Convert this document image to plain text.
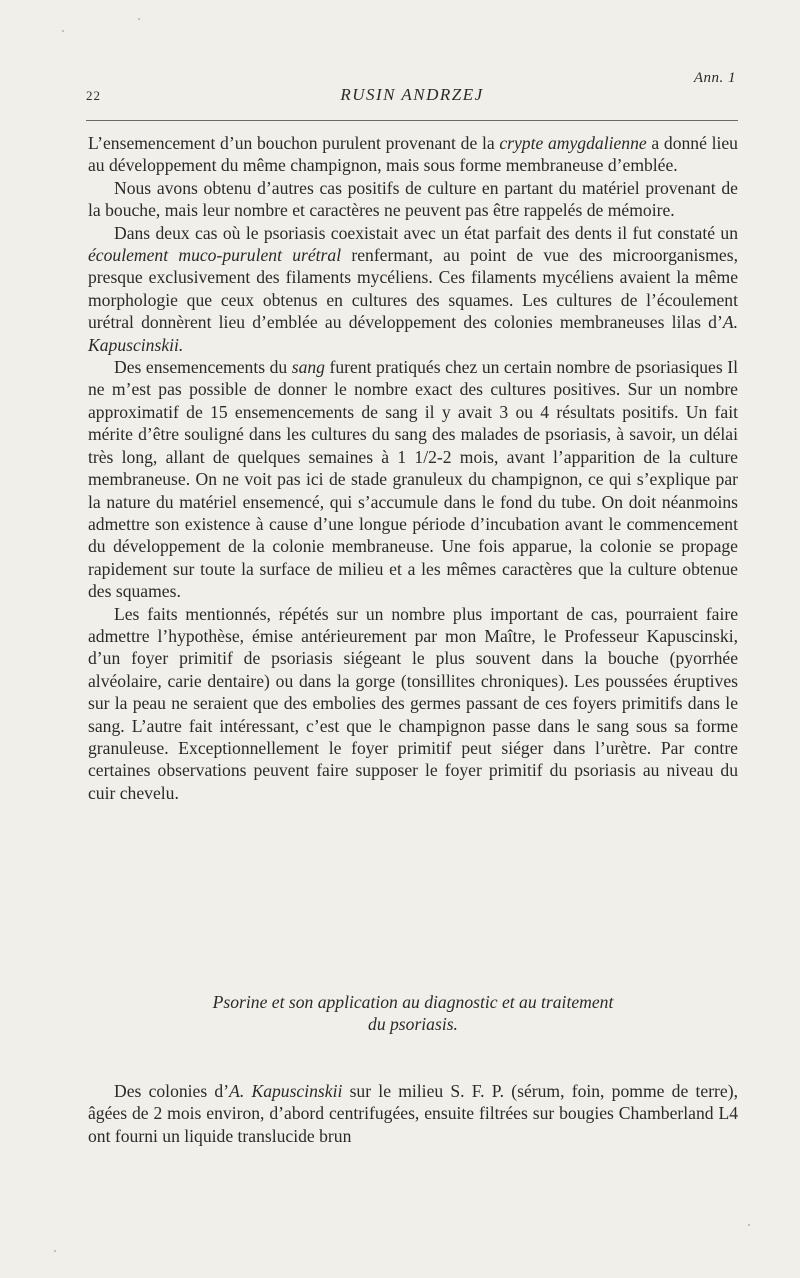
22	RUSIN ANDRZEJ
Ann. 1

L’ensemencement d’un bouchon purulent provenant de la crypte amygdalienne a donné lieu au développement du même champignon, mais sous forme membraneuse d’emblée.

Nous avons obtenu d’autres cas positifs de culture en partant du matériel provenant de la bouche, mais leur nombre et caractères ne peuvent pas être rappelés de mémoire.

Dans deux cas où le psoriasis coexistait avec un état parfait des dents il fut constaté un écoulement muco-purulent urétral renfermant, au point de vue des microorganismes, presque exclusivement des filaments mycéliens. Ces filaments mycéliens avaient la même morphologie que ceux obtenus en cultures des squames. Les cultures de l’écoulement urétral donnèrent lieu d’emblée au développement des colonies membraneuses lilas d’A. Kapuscinskii.

Des ensemencements du sang furent pratiqués chez un certain nombre de psoriasiques Il ne m’est pas possible de donner le nombre exact des cultures positives. Sur un nombre approximatif de 15 ensemencements de sang il y avait 3 ou 4 résultats positifs. Un fait mérite d’être souligné dans les cultures du sang des malades de psoriasis, à savoir, un délai très long, allant de quelques semaines à 1 1/2-2 mois, avant l’apparition de la culture membraneuse. On ne voit pas ici de stade granuleux du champignon, ce qui s’explique par la nature du matériel ensemencé, qui s’accumule dans le fond du tube. On doit néanmoins admettre son existence à cause d’une longue période d’incubation avant le commencement du développement de la colonie membraneuse. Une fois apparue, la colonie se propage rapidement sur toute la surface de milieu et a les mêmes caractères que la culture obtenue des squames.

Les faits mentionnés, répétés sur un nombre plus important de cas, pourraient faire admettre l’hypothèse, émise antérieurement par mon Maître, le Professeur Kapuscinski, d’un foyer primitif de psoriasis siégeant le plus souvent dans la bouche (pyorrhée alvéolaire, carie dentaire) ou dans la gorge (tonsillites chroniques). Les poussées éruptives sur la peau ne seraient que des embolies des germes passant de ces foyers primitifs dans le sang. L’autre fait intéressant, c’est que le champignon passe dans le sang sous sa forme granuleuse. Exceptionnellement le foyer primitif peut siéger dans l’urètre. Par contre certaines observations peuvent faire supposer le foyer primitif du psoriasis au niveau du cuir chevelu.

Psorine et son application au diagnostic et au traitement
du psoriasis.

Des colonies d’A. Kapuscinskii sur le milieu S. F. P. (sérum, foin, pomme de terre), âgées de 2 mois environ, d’abord centrifugées, ensuite filtrées sur bougies Chamberland L4 ont fourni un liquide translucide brun
